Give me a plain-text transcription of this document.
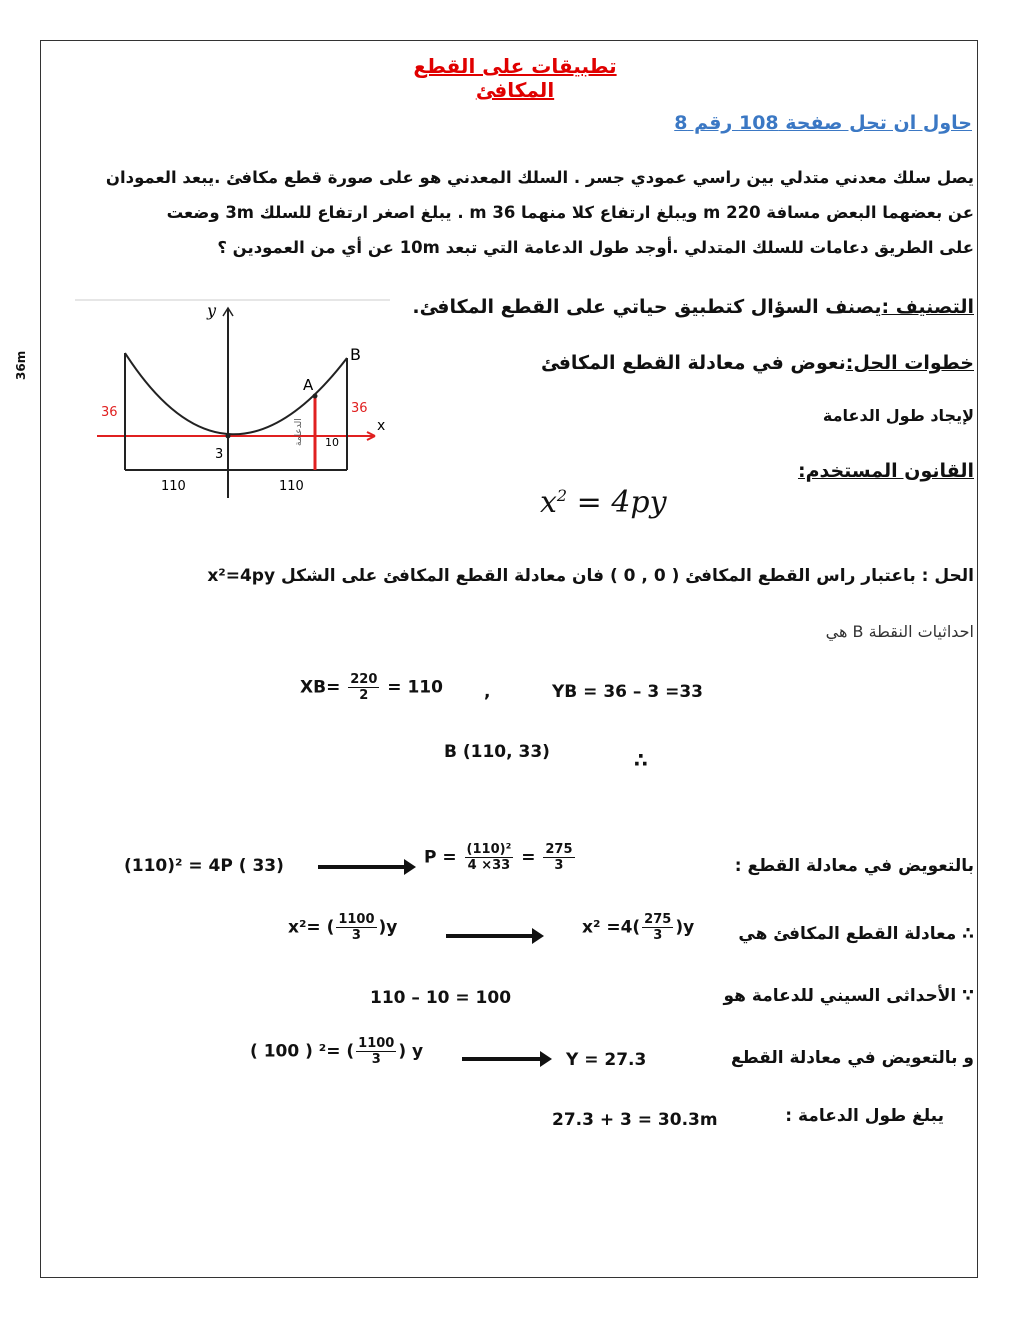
36m
تطبيقات على القطع المكافئ
حاول ان تحل صفحة 108 رقم 8
يصل سلك معدني متدلي بين راسي عمودي جسر . السلك المعدني هو على صورة قطع مكافئ .يبعد العمودان
عن بعضهما البعض مسافة 220 m ويبلغ ارتفاع كلا منهما 36 m . يبلغ اصغر ارتفاع للسلك 3m وضعت
على الطريق دعامات للسلك المتدلي .أوجد طول الدعامة التي تبعد 10m عن أي من العمودين ؟
التصنيف :يصنف السؤال كتطبيق حياتي على القطع المكافئ.
خطوات الحل:نعوض في معادلة القطع المكافئ
لإيجاد طول الدعامة
القانون المستخدم:
$x^2 = 4py$
y
x
A
B
36	36
3
110	110
10
الدعامة
الحل : باعتبار راس القطع المكافئ ( 0 , 0 ) فان معادلة القطع المكافئ على الشكل x²=4py
احداثيات النقطة B هي
$XB= \frac{220}{2} = 110$ ,	YB = 36 – 3 =33
B (110, 33)	∴
بالتعويض في معادلة القطع :
(110)² = 4P ( 33)	$P = \frac{\text{(110)²}}{4 \times 33} = \frac{275}{3}$
∴ معادلة القطع المكافئ هي
$x^2 =4( \frac{275}{3} )y$
x²= ( $\frac{1100}{3} )y$
∵ الأحداثى السيني للدعامة هو
110 – 10 = 100
و بالتعويض في معادلة القطع
Y = 27.3
( 100 ) ²= ( $\frac{1100}{3}$ ) y
يبلغ طول الدعامة :
27.3 + 3 = 30.3m
